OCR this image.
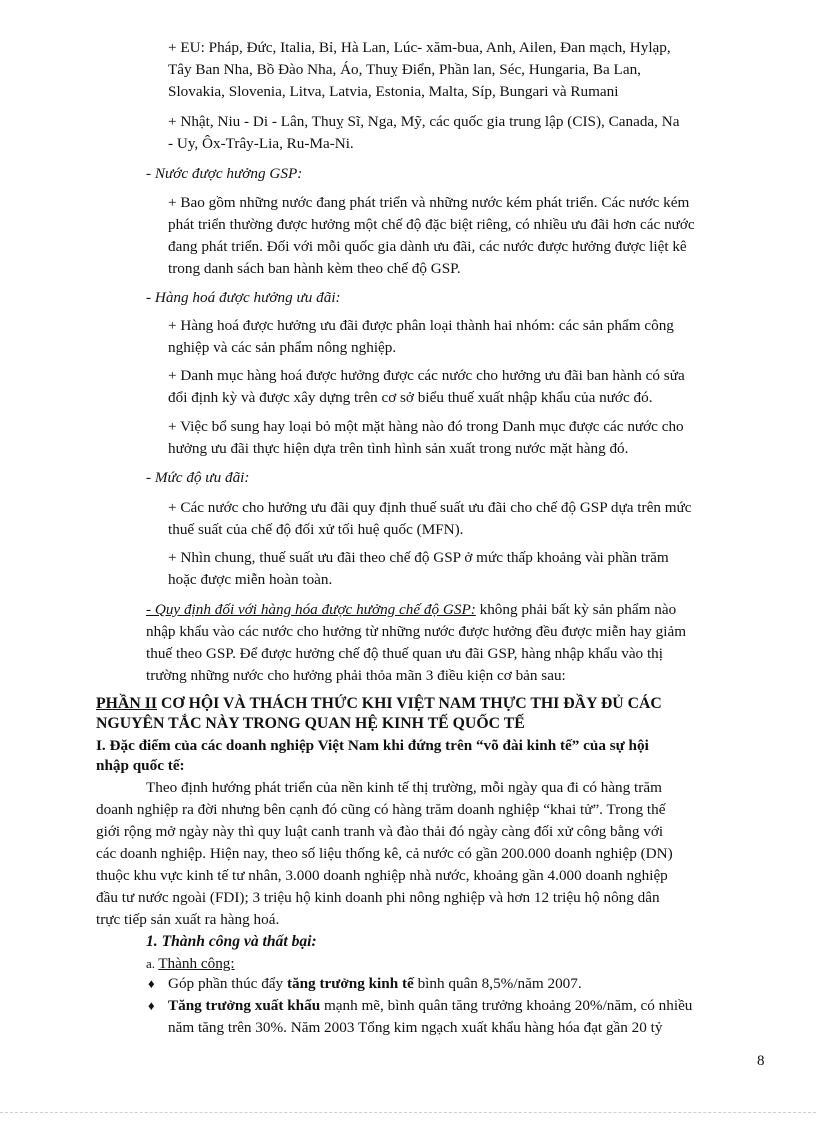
+ EU: Pháp, Đức, Italia, Bỉ, Hà Lan, Lúc- xăm-bua, Anh, Ailen, Đan mạch, Hylạp,
Tây Ban Nha, Bồ Đào Nha, Áo, Thuỵ Điển, Phần lan, Séc, Hungaria, Ba Lan,
Slovakia, Slovenia, Litva, Latvia, Estonia, Malta, Síp, Bungari và Rumani
+ Nhật, Niu - Di - Lân, Thuỵ Sĩ, Nga, Mỹ, các quốc gia trung lập (CIS), Canada, Na
- Uy, Ôx-Trây-Lia, Ru-Ma-Ni.
- Nước được hưởng GSP:
+ Bao gồm những nước đang phát triển và những nước kém phát triển. Các nước kém
phát triển thường được hưởng một chế độ đặc biệt riêng, có nhiều ưu đãi hơn các nước
đang phát triển. Đối với mỗi quốc gia dành ưu đãi, các nước được hưởng được liệt kê
trong danh sách ban hành kèm theo chế độ GSP.
- Hàng hoá được hưởng ưu đãi:
+ Hàng hoá được hưởng ưu đãi được phân loại thành hai nhóm: các sản phẩm công
nghiệp và các sản phẩm nông nghiệp.
+ Danh mục hàng hoá được hưởng được các nước cho hưởng ưu đãi ban hành có sửa
đổi định kỳ và được xây dựng trên cơ sở biểu thuế xuất nhập khẩu của nước đó.
+ Việc bổ sung hay loại bỏ một mặt hàng nào đó trong Danh mục được các nước cho
hưởng ưu đãi thực hiện dựa trên tình hình sản xuất trong nước mặt hàng đó.
- Mức độ ưu đãi:
+ Các nước cho hưởng ưu đãi quy định thuế suất ưu đãi cho chế độ GSP dựa trên mức
thuế suất của chế độ đối xử tối huệ quốc (MFN).
+ Nhìn chung, thuế suất ưu đãi theo chế độ GSP ở mức thấp khoảng vài phần trăm
hoặc được miễn hoàn toàn.
- Quy định đối với hàng hóa được hưởng chế độ GSP: không phải bất kỳ sản phẩm nào
nhập khẩu vào các nước cho hưởng từ những nước được hưởng đều được miễn hay giảm
thuế theo GSP. Để được hưởng chế độ thuế quan ưu đãi GSP, hàng nhập khẩu vào thị
trường những nước cho hưởng phải thỏa mãn 3 điều kiện cơ bản sau:
PHẦN II CƠ HỘI VÀ THÁCH THỨC KHI VIỆT NAM THỰC THI ĐẦY ĐỦ CÁC
NGUYÊN TẮC NÀY TRONG QUAN HỆ KINH TẾ QUỐC TẾ
I. Đặc điểm của các doanh nghiệp Việt Nam khi đứng trên “võ đài kinh tế” của sự hội
nhập quốc tế:
Theo định hướng phát triển của nền kinh tế thị trường, mỗi ngày qua đi có hàng trăm
doanh nghiệp ra đời nhưng bên cạnh đó cũng có hàng trăm doanh nghiệp “khai tử”. Trong thế
giới rộng mở ngày này thì quy luật canh tranh và đào thải đó ngày càng đối xử công bằng với
các doanh nghiệp. Hiện nay, theo số liệu thống kê, cả nước có gần 200.000 doanh nghiệp (DN)
thuộc khu vực kinh tế tư nhân, 3.000 doanh nghiệp nhà nước, khoảng gần 4.000 doanh nghiệp
đầu tư nước ngoài (FDI); 3 triệu hộ kinh doanh phi nông nghiệp và hơn 12 triệu hộ nông dân
trực tiếp sản xuất ra hàng hoá.
1. Thành công và thất bại:
a. Thành công:
♦ Góp phần thúc đẩy tăng trưởng kinh tế bình quân 8,5%/năm 2007.
♦ Tăng trưởng xuất khẩu mạnh mẽ, bình quân tăng trưởng khoảng 20%/năm, có nhiều
năm tăng trên 30%. Năm 2003 Tổng kim ngạch xuất khẩu hàng hóa đạt gần 20 tỷ
8
